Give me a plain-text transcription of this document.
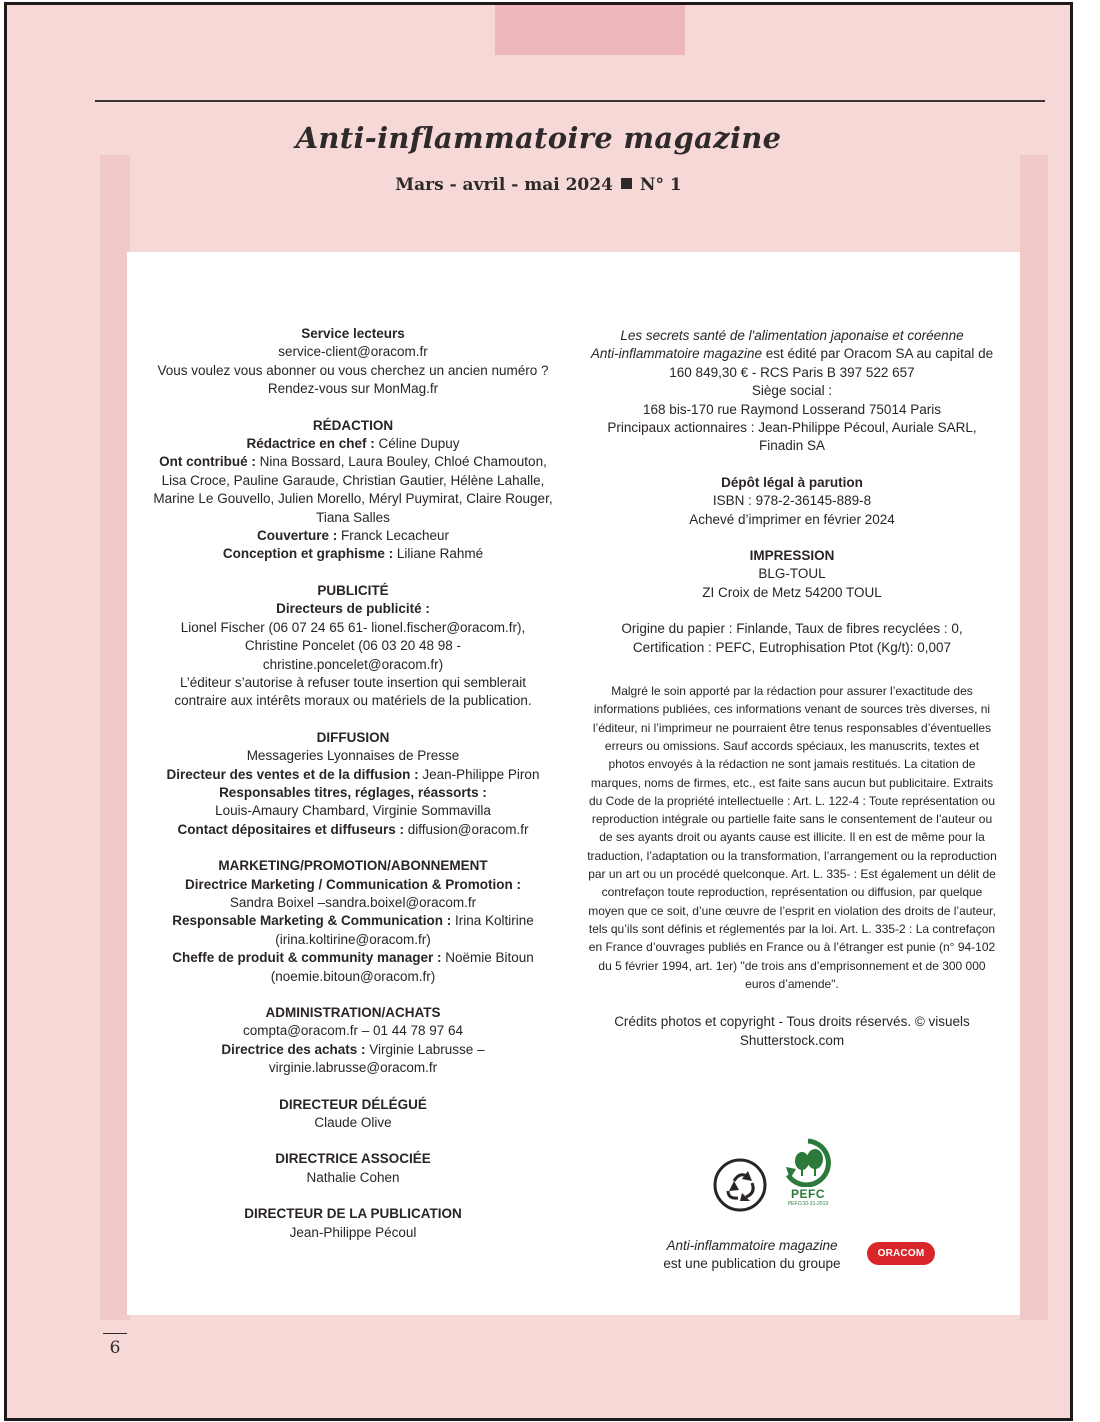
Anti-inflammatoire magazine
Mars - avril - mai 2024 N° 1

Service lecteurs

service-client@oracom.fr

Vous voulez vous abonner ou vous cherchez un ancien numéro ? Rendez-vous sur MonMag.fr

RÉDACTION

Rédactrice en chef : Céline Dupuy

Ont contribué : Nina Bossard, Laura Bouley, Chloé Chamouton, Lisa Croce, Pauline Garaude, Christian Gautier, Hélène Lahalle, Marine Le Gouvello, Julien Morello, Méryl Puymirat, Claire Rouger, Tiana Salles

Couverture : Franck Lecacheur

Conception et graphisme : Liliane Rahmé

PUBLICITÉ

Directeurs de publicité :

Lionel Fischer (06 07 24 65 61- lionel.fischer@oracom.fr), Christine Poncelet (06 03 20 48 98 - christine.poncelet@oracom.fr)

L’éditeur s’autorise à refuser toute insertion qui semblerait contraire aux intérêts moraux ou matériels de la publication.

DIFFUSION

Messageries Lyonnaises de Presse

Directeur des ventes et de la diffusion : Jean-Philippe Piron

Responsables titres, réglages, réassorts :

Louis-Amaury Chambard, Virginie Sommavilla

Contact dépositaires et diffuseurs : diffusion@oracom.fr

MARKETING/PROMOTION/ABONNEMENT

Directrice Marketing / Communication & Promotion :

Sandra Boixel –sandra.boixel@oracom.fr

Responsable Marketing & Communication : Irina Koltirine (irina.koltirine@oracom.fr)

Cheffe de produit & community manager : Noëmie Bitoun (noemie.bitoun@oracom.fr)

ADMINISTRATION/ACHATS

compta@oracom.fr – 01 44 78 97 64

Directrice des achats : Virginie Labrusse – virginie.labrusse@oracom.fr

DIRECTEUR DÉLÉGUÉ

Claude Olive

DIRECTRICE ASSOCIÉE

Nathalie Cohen

DIRECTEUR DE LA PUBLICATION

Jean-Philippe Pécoul

Les secrets santé de l'alimentation japonaise et coréenne

Anti-inflammatoire magazine est édité par Oracom SA au capital de 160 849,30 € - RCS Paris B 397 522 657

Siège social :

168 bis-170 rue Raymond Losserand 75014 Paris

Principaux actionnaires : Jean-Philippe Pécoul, Auriale SARL, Finadin SA

Dépôt légal à parution

ISBN : 978-2-36145-889-8

Achevé d’imprimer en février 2024

IMPRESSION

BLG-TOUL

ZI Croix de Metz 54200 TOUL

Origine du papier : Finlande, Taux de fibres recyclées : 0, Certification : PEFC, Eutrophisation Ptot (Kg/t): 0,007

Malgré le soin apporté par la rédaction pour assurer l’exactitude des informations publiées, ces informations venant de sources très diverses, ni l’éditeur, ni l’imprimeur ne pourraient être tenus responsables d’éventuelles erreurs ou omissions. Sauf accords spéciaux, les manuscrits, textes et photos envoyés à la rédaction ne sont jamais restitués. La citation de marques, noms de firmes, etc., est faite sans aucun but publicitaire. Extraits du Code de la propriété intellectuelle : Art. L. 122-4 : Toute représentation ou reproduction intégrale ou partielle faite sans le consentement de l’auteur ou de ses ayants droit ou ayants cause est illicite. Il en est de même pour la traduction, l’adaptation ou la transformation, l’arrangement ou la reproduction par un art ou un procédé quelconque. Art. L. 335- : Est également un délit de contrefaçon toute reproduction, représentation ou diffusion, par quelque moyen que ce soit, d’une œuvre de l’esprit en violation des droits de l’auteur, tels qu’ils sont définis et réglementés par la loi. Art. L. 335-2 : La contrefaçon en France d’ouvrages publiés en France ou à l’étranger est punie (n° 94-102 du 5 février 1994, art. 1er) "de trois ans d’emprisonnement et de 300 000 euros d’amende".

Crédits photos et copyright - Tous droits réservés. © visuels Shutterstock.com

PEFC
PEFC/10-31-2013

Anti-inflammatoire magazine

est une publication du groupe

ORACOM
6
